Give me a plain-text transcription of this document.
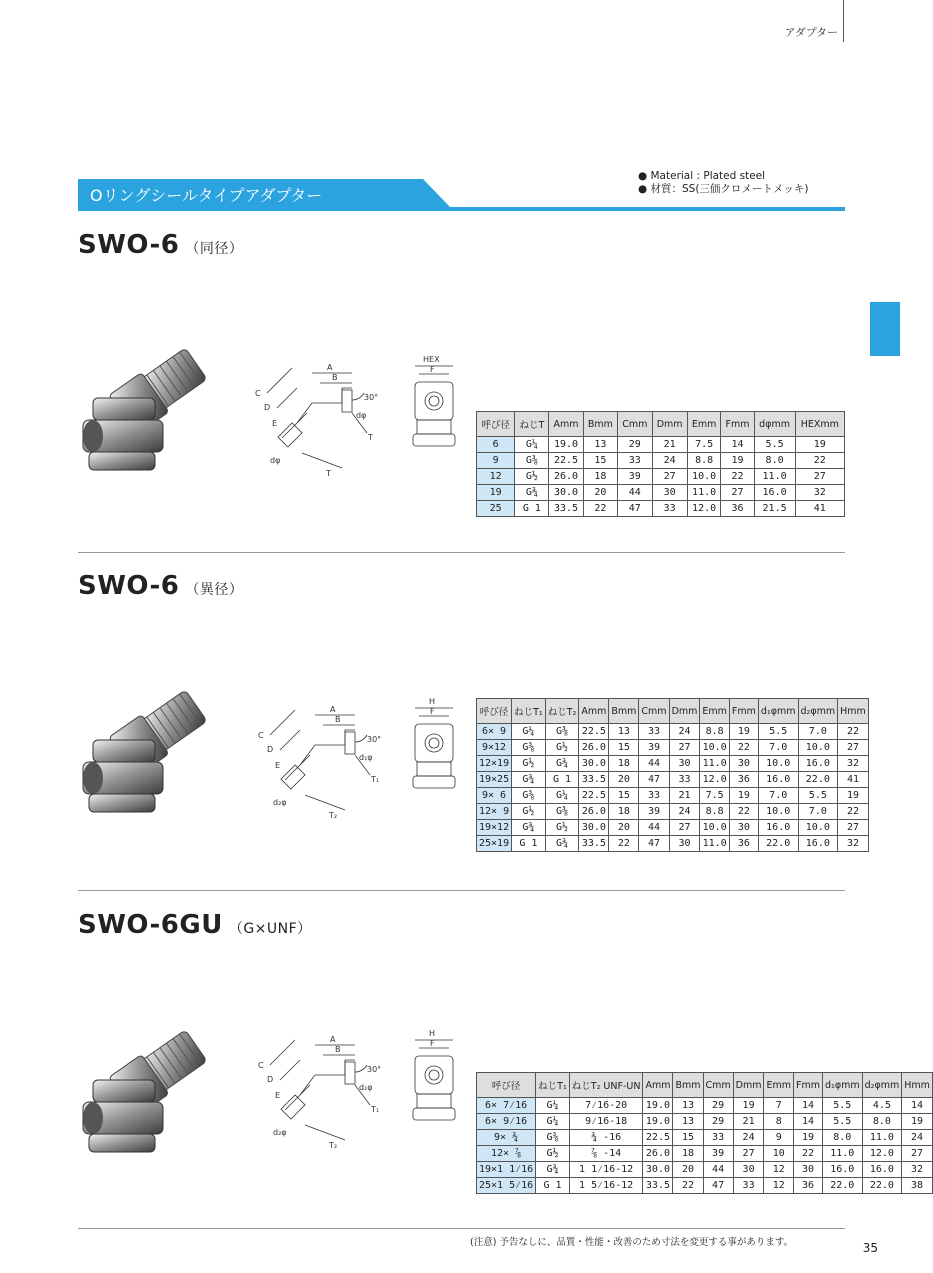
アダプター
Oリングシールタイプアダプター
● Material : Plated steel
● 材質：SS(三価クロメートメッキ)
SWO-6 （同径）
A
B
C
D
E
30°
dφ
T
T
dφ
HEX
F
呼び径	ねじT	Amm	Bmm	Cmm	Dmm	Emm	Fmm	dφmm	HEXmm
6	G¼	19.0	13	29	21	7.5	14	5.5	19
9	G⅜	22.5	15	33	24	8.8	19	8.0	22
12	G½	26.0	18	39	27	10.0	22	11.0	27
19	G¾	30.0	20	44	30	11.0	27	16.0	32
25	G 1	33.5	22	47	33	12.0	36	21.5	41
SWO-6 （異径）
A
B
C
D
E
30°
d₁φ
T₁
T₂
d₂φ
H
F	呼び径	ねじT₁	ねじT₂	Amm	Bmm	Cmm	Dmm	Emm	Fmm	d₁φmm	d₂φmm	Hmm
6× 9	G¼	G⅜	22.5	13	33	24	8.8	19	5.5	7.0	22
9×12	G⅜	G½	26.0	15	39	27	10.0	22	7.0	10.0	27
12×19	G½	G¾	30.0	18	44	30	11.0	30	10.0	16.0	32
19×25	G¾	G 1	33.5	20	47	33	12.0	36	16.0	22.0	41
9× 6	G⅜	G¼	22.5	15	33	21	7.5	19	7.0	5.5	19
12× 9	G½	G⅜	26.0	18	39	24	8.8	22	10.0	7.0	22
19×12	G¾	G½	30.0	20	44	27	10.0	30	16.0	10.0	27
25×19	G 1	G¾	33.5	22	47	30	11.0	36	22.0	16.0	32
SWO-6GU （G×UNF）
A
B
C
D
E
30°
d₁φ
T₁
T₂
d₂φ
H
F
呼び径	ねじT₁	ねじT₂ UNF-UN	Amm	Bmm	Cmm	Dmm	Emm	Fmm	d₁φmm	d₂φmm	Hmm
6× 7⁄16	G¼	7⁄16-20	19.0	13	29	19	7	14	5.5	4.5	14
6× 9⁄16	G¼	9⁄16-18	19.0	13	29	21	8	14	5.5	8.0	19
9× ¾	G⅜	¾ -16	22.5	15	33	24	9	19	8.0	11.0	24
12× ⅞	G½	⅞ -14	26.0	18	39	27	10	22	11.0	12.0	27
19×1 1⁄16	G¾	1 1⁄16-12	30.0	20	44	30	12	30	16.0	16.0	32
25×1 5⁄16	G 1	1 5⁄16-12	33.5	22	47	33	12	36	22.0	22.0	38
(注意) 予告なしに、品質・性能・改善のため寸法を変更する事があります。	35
